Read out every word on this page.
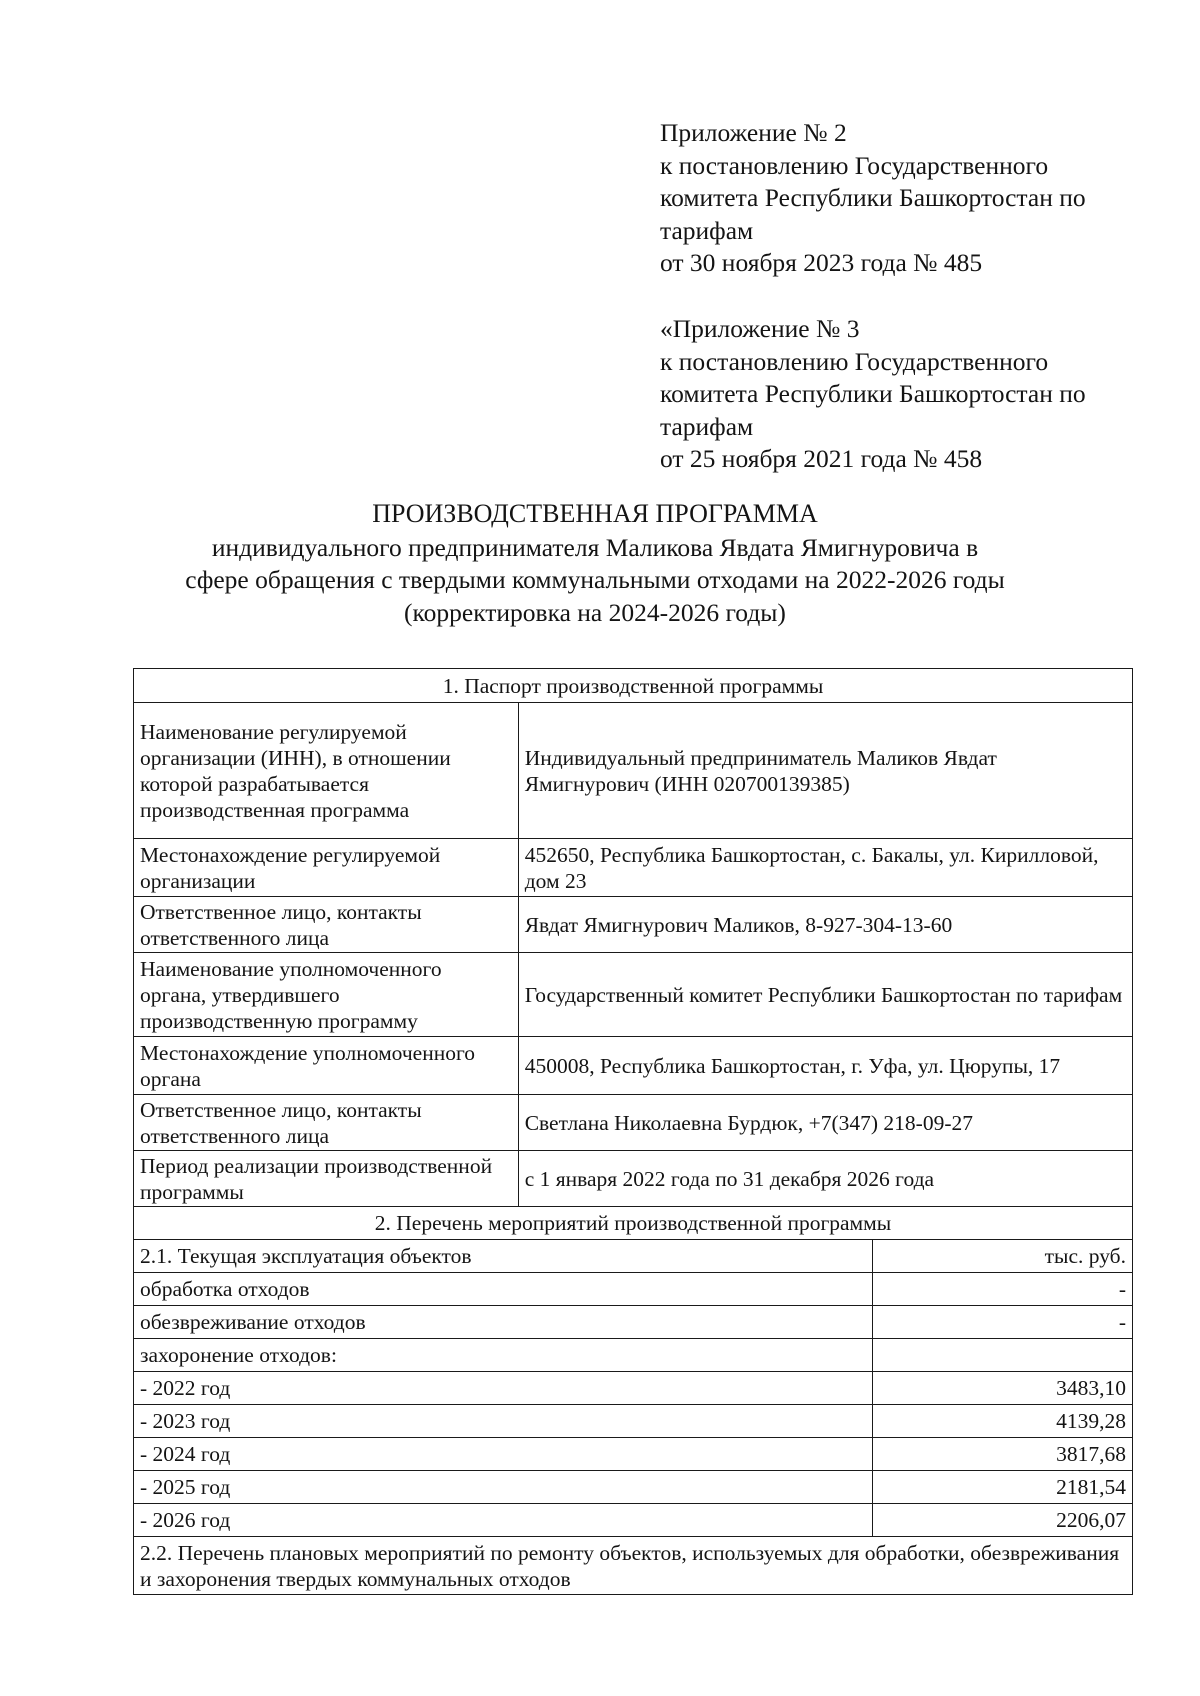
Приложение № 2
к постановлению Государственного
комитета Республики Башкортостан по
тарифам
от 30 ноября 2023 года № 485
«Приложение № 3
к постановлению Государственного
комитета Республики Башкортостан по
тарифам
от 25 ноября 2021 года № 458
ПРОИЗВОДСТВЕННАЯ ПРОГРАММА
индивидуального предпринимателя Маликова Явдата Ямигнуровича в
сфере обращения с твердыми коммунальными отходами на 2022-2026 годы
(корректировка на 2024-2026 годы)
1. Паспорт производственной программы		
Наименование регулируемой организации (ИНН), в отношении которой разрабатывается производственная программа	Индивидуальный предприниматель Маликов Явдат Ямигнурович (ИНН 020700139385)	
Местонахождение регулируемой организации	452650, Республика Башкортостан, с. Бакалы, ул. Кирилловой, дом 23	
Ответственное лицо, контакты ответственного лица	Явдат Ямигнурович Маликов, 8-927-304-13-60	
Наименование уполномоченного органа, утвердившего производственную программу	Государственный комитет Республики Башкортостан по тарифам	
Местонахождение уполномоченного органа	450008, Республика Башкортостан, г. Уфа, ул. Цюрупы, 17	
Ответственное лицо, контакты ответственного лица	Светлана Николаевна Бурдюк, +7(347) 218-09-27	
Период реализации производственной программы	с 1 января 2022 года по 31 декабря 2026 года	
2. Перечень мероприятий производственной программы		
2.1. Текущая эксплуатация объектов		тыс. руб.
обработка отходов		-
обезвреживание отходов		-
захоронение отходов:		
- 2022 год		3483,10
- 2023 год		4139,28
- 2024 год		3817,68
- 2025 год		2181,54
- 2026 год		2206,07
2.2. Перечень плановых мероприятий по ремонту объектов, используемых для обработки, обезвреживания и захоронения твердых коммунальных отходов		
